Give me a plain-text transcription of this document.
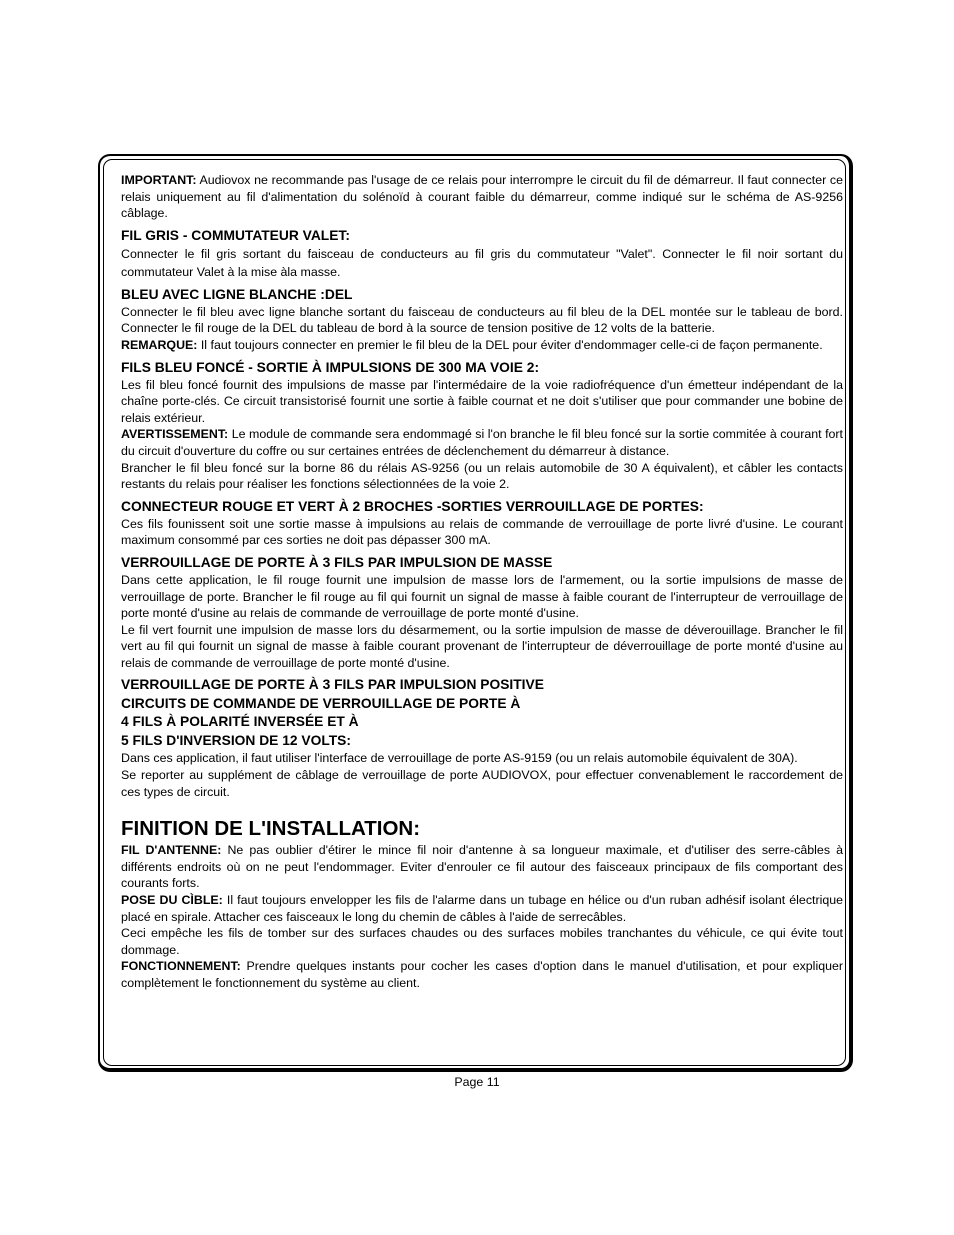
IMPORTANT: Audiovox ne recommande pas l'usage de ce relais pour interrompre le circuit du fil de démarreur. Il faut connecter ce relais uniquement au fil d'alimentation du solénoïd à courant faible du démarreur, comme indiqué sur le schéma de AS-9256 câblage.

FIL GRIS - COMMUTATEUR VALET:

Connecter le fil gris sortant du faisceau de conducteurs au fil gris du commutateur "Valet". Connecter le fil noir sortant du commutateur Valet à la mise àla masse.

BLEU AVEC LIGNE BLANCHE :DEL

Connecter le fil bleu avec ligne blanche sortant du faisceau de conducteurs au fil bleu de la DEL montée sur le tableau de bord. Connecter le fil rouge de la DEL du tableau de bord à la source de tension positive de 12 volts de la batterie.

REMARQUE: Il faut toujours connecter en premier le fil bleu de la DEL pour éviter d'endommager celle-ci de façon permanente.

FILS BLEU FONCÉ - SORTIE À IMPULSIONS DE 300 MA VOIE 2:

Les fil bleu foncé fournit des impulsions de masse par l'intermédaire de la voie radiofréquence d'un émetteur indépendant de la chaîne porte-clés. Ce circuit transistorisé fournit une sortie à faible cournat et ne doit s'utiliser que pour commander une bobine de relais extérieur.

AVERTISSEMENT: Le module de commande sera endommagé si l'on branche le fil bleu foncé sur la sortie commitée à courant fort du circuit d'ouverture du coffre ou sur certaines entrées de déclenchement du démarreur à distance.

Brancher le fil bleu foncé sur la borne 86 du rélais AS-9256 (ou un relais automobile de 30 A équivalent), et câbler les contacts restants du relais pour réaliser les fonctions sélectionnées de la voie 2.

CONNECTEUR ROUGE ET VERT À 2 BROCHES -SORTIES VERROUILLAGE DE PORTES:

Ces fils founissent soit une sortie masse à impulsions au relais de commande de verrouillage de porte livré d'usine. Le courant maximum consommé par ces sorties ne doit pas dépasser 300 mA.

VERROUILLAGE DE PORTE À 3 FILS PAR IMPULSION DE MASSE

Dans cette application, le fil rouge fournit une impulsion de masse lors de l'armement, ou la sortie impulsions de masse de verrouillage de porte. Brancher le fil rouge au fil qui fournit un signal de masse à faible courant de l'interrupteur de verrouillage de porte monté d'usine au relais de commande de verrouillage de porte monté d'usine.

Le fil vert fournit une impulsion de masse lors du désarmement, ou la sortie impulsion de masse de déverouillage. Brancher le fil vert au fil qui fournit un signal de masse à faible courant provenant de l'interrupteur de déverrouillage de porte monté d'usine au relais de commande de verrouillage de porte monté d'usine.

VERROUILLAGE DE PORTE À 3 FILS PAR IMPULSION POSITIVE
CIRCUITS DE COMMANDE DE VERROUILLAGE DE PORTE À
4 FILS À POLARITÉ INVERSÉE ET À
5 FILS D'INVERSION DE 12 VOLTS:

Dans ces application, il faut utiliser l'interface de verrouillage de porte AS-9159 (ou un relais automobile équivalent de 30A).

Se reporter au supplément de câblage de verrouillage de porte AUDIOVOX, pour effectuer convenablement le raccordement de ces types de circuit.

FINITION DE L'INSTALLATION:

FIL D'ANTENNE: Ne pas oublier d'étirer le mince fil noir d'antenne à sa longueur maximale, et d'utiliser des serre-câbles à différents endroits où on ne peut l'endommager. Eviter d'enrouler ce fil autour des faisceaux principaux de fils comportant des courants forts.

POSE DU CÌBLE: Il faut toujours envelopper les fils de l'alarme dans un tubage en hélice ou d'un ruban adhésif isolant électrique placé en spirale. Attacher ces faisceaux le long du chemin de câbles à l'aide de serrecâbles.

Ceci empêche les fils de tomber sur des surfaces chaudes ou des surfaces mobiles tranchantes du véhicule, ce qui évite tout dommage.

FONCTIONNEMENT: Prendre quelques instants pour cocher les cases d'option dans le manuel d'utilisation, et pour expliquer complètement le fonctionnement du système au client.

Page 11
